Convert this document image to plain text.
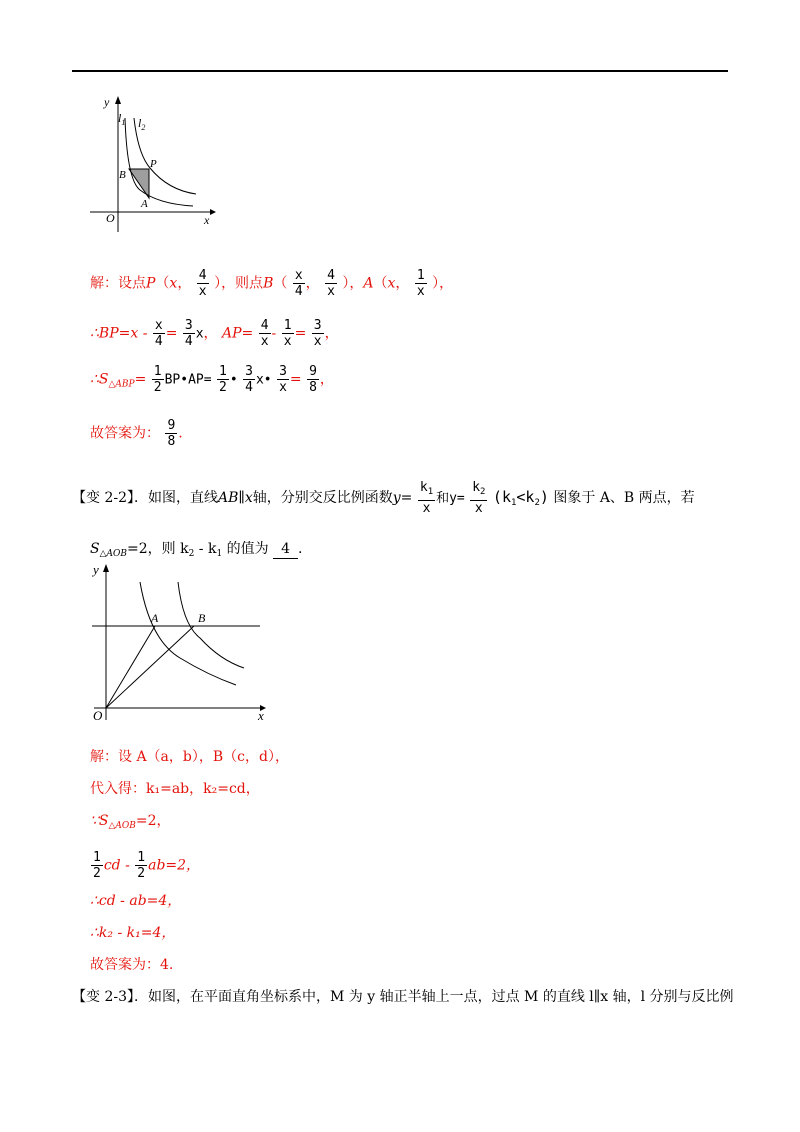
y
x
O
$l_1$ $l_2$
B
P
A
解：设点P（x， $\frac{4}{x}$ ），则点$B( \frac{x}{4}$ ， $\frac{4}{x}$ ），A（x， $\frac{1}{x}$ ），
∴BP=x - $\frac{x}{4} = \frac{3}{4}$ x， $AP= \frac{4}{x} - \frac{1}{x} = \frac{3}{x}$ ，
$\therefore S_{\triangle ABP}= \frac{1}{2}$ BP•AP= $\frac{1}{2}$ • $\frac{3}{4}$ x• $\frac{3}{x} = \frac{9}{8}$ ，
故答案为： $\frac{9}{8}$ .
【变 2-2】．如图，直线AB∥x轴，分别交反比例函数$y= \frac{k_1}{x}$ 和$y= \frac{k_2}{x} (k_1<k_2)$ 图象于 A、B 两点，若
$S_{\triangle AOB}=2$，则 $k_2 - k_1$ 的值为 4 .
y
x
O
A	B
解：设 A（a，b），B（c，d），
代入得：k₁=ab，k₂=cd，
$\because S_{\triangle AOB}=2$，
$\frac{1}{2}$ cd - $\frac{1}{2} ab=2$，
∴cd - ab=4，
∴k₂ - k₁=4，
故答案为：4.
【变 2-3】．如图，在平面直角坐标系中，M 为 y 轴正半轴上一点，过点 M 的直线 l∥x 轴，l 分别与反比例
